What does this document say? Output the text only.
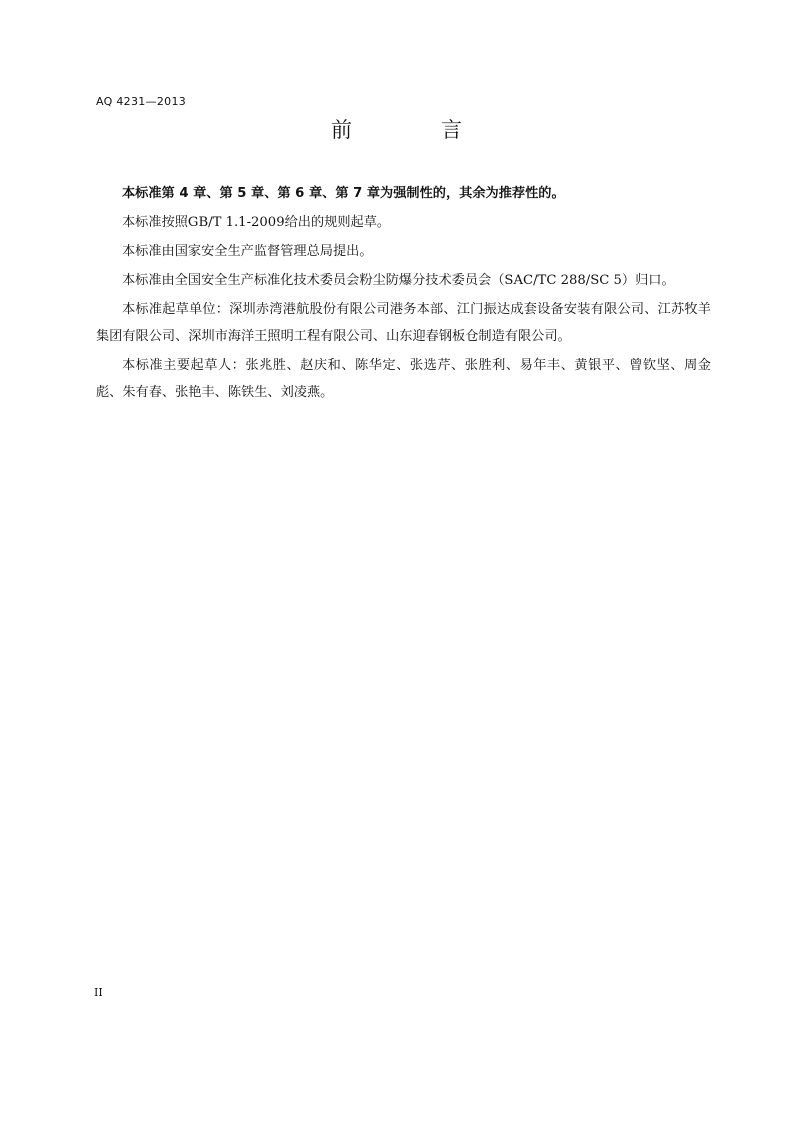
AQ 4231—2013
前　言

本标准第 4 章、第 5 章、第 6 章、第 7 章为强制性的，其余为推荐性的。

本标准按照GB/T 1.1-2009给出的规则起草。

本标准由国家安全生产监督管理总局提出。

本标准由全国安全生产标准化技术委员会粉尘防爆分技术委员会（SAC/TC 288/SC 5）归口。

本标准起草单位：深圳赤湾港航股份有限公司港务本部、江门振达成套设备安装有限公司、江苏牧羊集团有限公司、深圳市海洋王照明工程有限公司、山东迎春钢板仓制造有限公司。

本标准主要起草人：张兆胜、赵庆和、陈华定、张选芹、张胜利、易年丰、黄银平、曾钦坚、周金彪、朱有春、张艳丰、陈铁生、刘凌燕。

II
